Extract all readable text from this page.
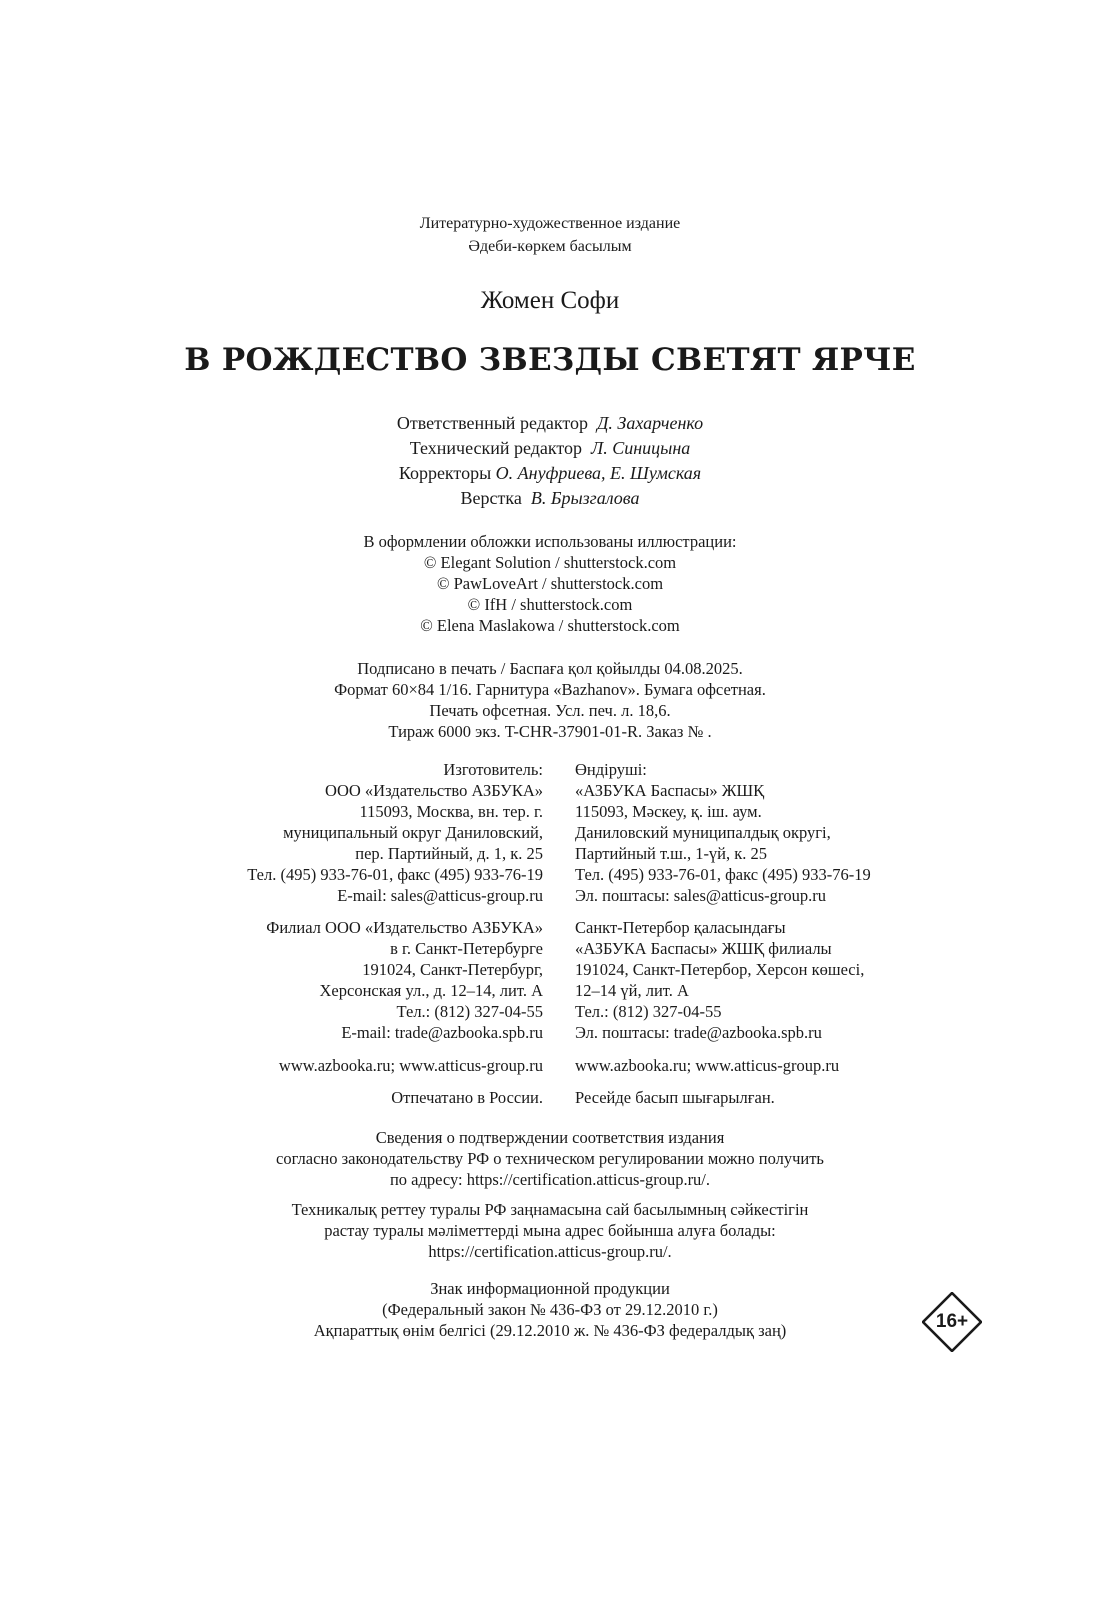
Литературно-художественное издание
Әдеби-көркем басылым
Жомен Софи
В РОЖДЕСТВО ЗВЕЗДЫ СВЕТЯТ ЯРЧЕ
Ответственный редактор Д. Захарченко
Технический редактор Л. Синицына
Корректоры О. Ануфриева, Е. Шумская
Верстка В. Брызгалова
В оформлении обложки использованы иллюстрации:
© Elegant Solution / shutterstock.com
© PawLoveArt / shutterstock.com
© IfH / shutterstock.com
© Elena Maslakowa / shutterstock.com
Подписано в печать / Баспаға қол қойылды 04.08.2025.
Формат 60×84 1/16. Гарнитура «Bazhanov». Бумага офсетная.
Печать офсетная. Усл. печ. л. 18,6.
Тираж 6000 экз. T-CHR-37901-01-R. Заказ № .
Изготовитель:
ООО «Издательство АЗБУКА»
115093, Москва, вн. тер. г.
муниципальный округ Даниловский,
пер. Партийный, д. 1, к. 25
Тел. (495) 933-76-01, факс (495) 933-76-19
E-mail: sales@atticus-group.ru
Өндіруші:
«АЗБУКА Баспасы» ЖШҚ
115093, Мәскеу, қ. іш. аум.
Даниловский муниципалдық округі,
Партийный т.ш., 1-үй, к. 25
Тел. (495) 933-76-01, факс (495) 933-76-19
Эл. поштасы: sales@atticus-group.ru
Филиал ООО «Издательство АЗБУКА»
в г. Санкт-Петербурге
191024, Санкт-Петербург,
Херсонская ул., д. 12–14, лит. А
Тел.: (812) 327-04-55
E-mail: trade@azbooka.spb.ru
Санкт-Петербор қаласындағы
«АЗБУКА Баспасы» ЖШҚ филиалы
191024, Санкт-Петербор, Херсон көшесі,
12–14 үй, лит. А
Тел.: (812) 327-04-55
Эл. поштасы: trade@azbooka.spb.ru
www.azbooka.ru; www.atticus-group.ru www.azbooka.ru; www.atticus-group.ru
Отпечатано в России. Ресейде басып шығарылған.
Сведения о подтверждении соответствия издания
согласно законодательству РФ о техническом регулировании можно получить
по адресу: https://certification.atticus-group.ru/.
Техникалық реттеу туралы РФ заңнамасына сай басылымның сәйкестігін
растау туралы мәліметтерді мына адрес бойынша алуға болады:
https://certification.atticus-group.ru/.
Знак информационной продукции
(Федеральный закон № 436-ФЗ от 29.12.2010 г.)
Ақпараттық өнім белгісі (29.12.2010 ж. № 436-ФЗ федералдық заң)	16+
